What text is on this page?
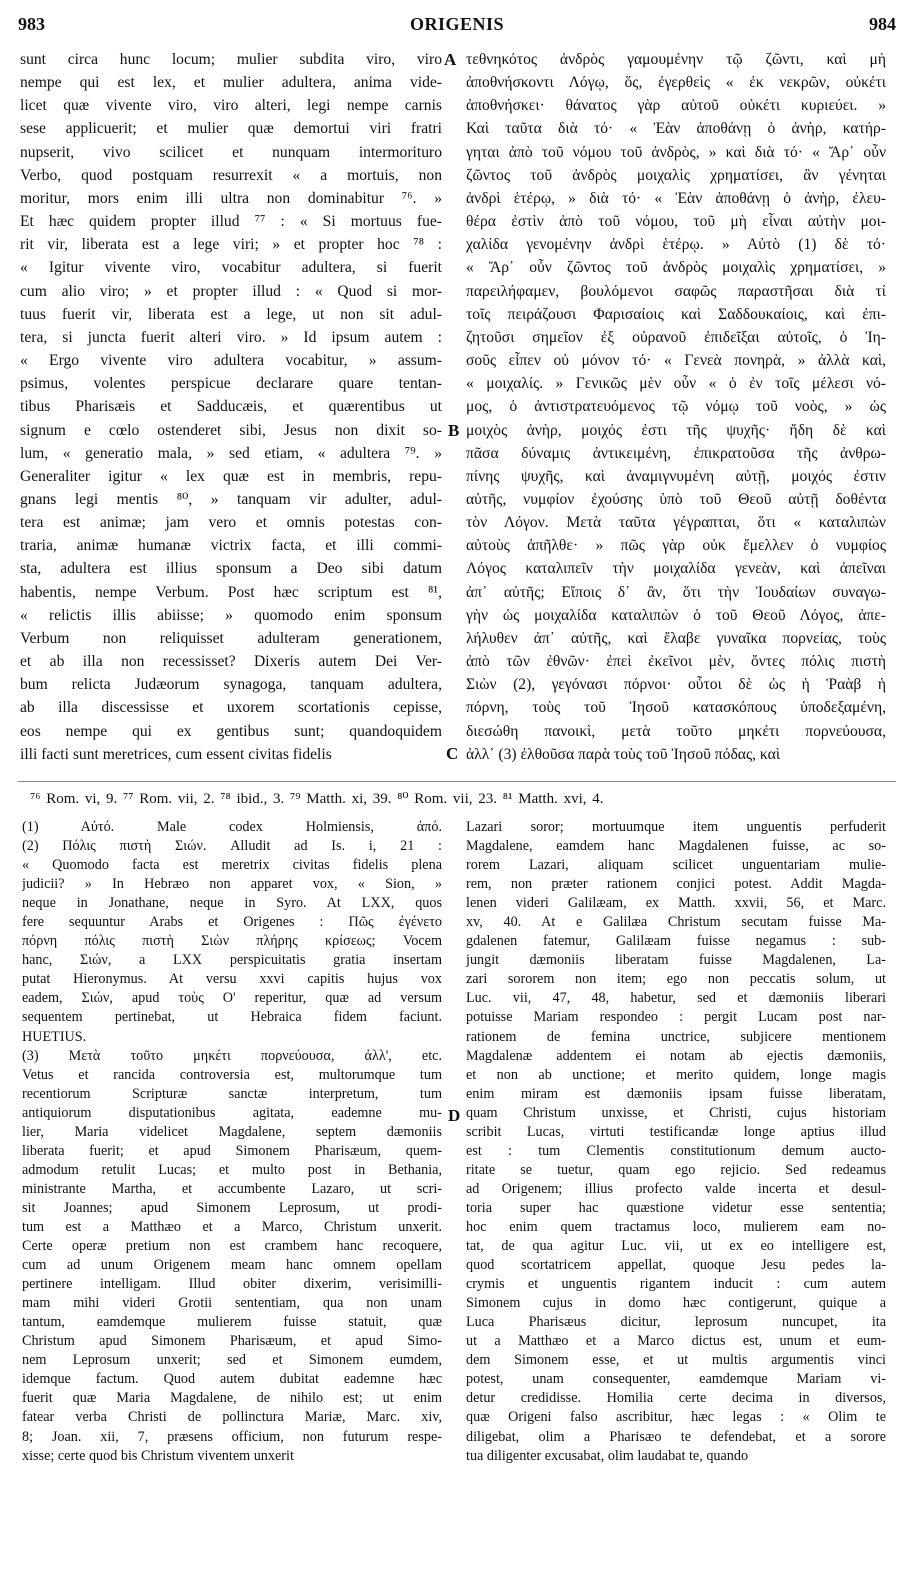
983	ORIGENIS	984
sunt circa hunc locum; mulier subdita viro, viro
nempe qui est lex, et mulier adultera, anima vide-
licet quæ vivente viro, viro alteri, legi nempe carnis
sese applicuerit; et mulier quæ demortui viri fratri
nupserit, vivo scilicet et nunquam intermoriturо
Verbo, quod postquam resurrexit « a mortuis, non
moritur, mors enim illi ultra non dominabitur ⁷⁶. »
Et hæc quidem propter illud ⁷⁷ : « Si mortuus fue-
rit vir, liberata est a lege viri; » et propter hoc ⁷⁸ :
« Igitur vivente viro, vocabitur adultera, si fuerit
cum alio viro; » et propter illud : « Quod si mor-
tuus fuerit vir, liberata est a lege, ut non sit adul-
tera, si juncta fuerit alteri viro. » Id ipsum autem :
« Ergo vivente viro adultera vocabitur, » assum-
psimus, volentes perspicue declarare quare tentan-
tibus Pharisæis et Sadducæis, et quærentibus ut
signum e cœlo ostenderet sibi, Jesus non dixit so-
lum, « generatio mala, » sed etiam, « adultera ⁷⁹. »
Generaliter igitur « lex quæ est in membris, repu-
gnans legi mentis ⁸⁰, » tanquam vir adulter, adul-
tera est animæ; jam vero et omnis potestas con-
traria, animæ humanæ victrix facta, et illi commi-
sta, adultera est illius sponsum a Deo sibi datum
habentis, nempe Verbum. Post hæc scriptum est ⁸¹,
« relictis illis abiisse; » quomodo enim sponsum
Verbum non reliquisset adulteram generationem,
et ab illa non recessisset? Dixeris autem Dei Ver-
bum relicta Judæorum synagoga, tanquam adultera,
ab illa discessisse et uxorem scortationis cepisse,
eos nempe qui ex gentibus sunt; quandoquidem
illi facti sunt meretrices, cum essent civitas fidelis
τεθνηκότος ἀνδρὸς γαμουμένην τῷ ζῶντι, καὶ μὴ
ἀποθνήσκοντι Λόγῳ, ὅς, ἐγερθεὶς « ἐκ νεκρῶν, οὐκέτι
ἀποθνήσκει· θάνατος γὰρ αὐτοῦ οὐκέτι κυριεύει. »
Καὶ ταῦτα διὰ τό· « Ἐὰν ἀποθάνῃ ὁ ἀνὴρ, κατήρ-
γηται ἀπὸ τοῦ νόμου τοῦ ἀνδρὸς, » καὶ διὰ τό· « Ἄρ᾽ οὖν
ζῶντος τοῦ ἀνδρὸς μοιχαλὶς χρηματίσει, ἂν γένηται
ἀνδρὶ ἑτέρῳ, » διὰ τό· « Ἐὰν ἀποθάνῃ ὁ ἀνὴρ, ἐλευ-
θέρα ἐστὶν ἀπὸ τοῦ νόμου, τοῦ μὴ εἶναι αὐτὴν μοι-
χαλίδα γενομένην ἀνδρὶ ἑτέρῳ. » Αὐτὸ (1) δὲ τό·
« Ἄρ᾽ οὖν ζῶντος τοῦ ἀνδρὸς μοιχαλὶς χρηματίσει, »
παρειλήφαμεν, βουλόμενοι σαφῶς παραστῆσαι διὰ τί
τοῖς πειράζουσι Φαρισαίοις καὶ Σαδδουκαίοις, καὶ ἐπι-
ζητοῦσι σημεῖον ἐξ οὐρανοῦ ἐπιδεῖξαι αὐτοῖς, ὁ Ἰη-
σοῦς εἶπεν οὐ μόνον τό· « Γενεὰ πονηρὰ, » ἀλλὰ καὶ,
« μοιχαλίς. » Γενικῶς μὲν οὖν « ὁ ἐν τοῖς μέλεσι νό-
μος, ὁ ἀντιστρατευόμενος τῷ νόμῳ τοῦ νοὸς, » ὡς
μοιχὸς ἀνὴρ, μοιχός ἐστι τῆς ψυχῆς· ἤδη δὲ καὶ
πᾶσα δύναμις ἀντικειμένη, ἐπικρατοῦσα τῆς ἀνθρω-
πίνης ψυχῆς, καὶ ἀναμιγνυμένη αὐτῇ, μοιχός ἐστιν
αὐτῆς, νυμφίον ἐχούσης ὑπὸ τοῦ Θεοῦ αὐτῇ δοθέντα
τὸν Λόγον. Μετὰ ταῦτα γέγραπται, ὅτι « καταλιπὼν
αὐτοὺς ἀπῆλθε· » πῶς γὰρ οὐκ ἔμελλεν ὁ νυμφίος
Λόγος καταλιπεῖν τὴν μοιχαλίδα γενεὰν, καὶ ἀπεῖναι
ἀπ᾽ αὐτῆς; Εἴποις δ᾽ ἂν, ὅτι τὴν Ἰουδαίων συναγω-
γὴν ὡς μοιχαλίδα καταλιπὼν ὁ τοῦ Θεοῦ Λόγος, ἀπε-
λήλυθεν ἀπ᾽ αὐτῆς, καὶ ἔλαβε γυναῖκα πορνείας, τοὺς
ἀπὸ τῶν ἐθνῶν· ἐπεὶ ἐκεῖνοι μὲν, ὄντες πόλις πιστὴ
Σιὼν (2), γεγόνασι πόρνοι· οὗτοι δὲ ὡς ἡ Ῥαὰβ ἡ
πόρνη, τοὺς τοῦ Ἰησοῦ κατασκόπους ὑποδεξαμένη,
διεσώθη πανοικὶ, μετὰ τοῦτο μηκέτι πορνεύουσα,
ἀλλ᾽ (3) ἐλθοῦσα παρὰ τοὺς τοῦ Ἰησοῦ πόδας, καὶ
A
B
C
D
⁷⁶ Rom. vi, 9. ⁷⁷ Rom. vii, 2. ⁷⁸ ibid., 3. ⁷⁹ Matth. xi, 39. ⁸⁰ Rom. vii, 23. ⁸¹ Matth. xvi, 4.
(1) Αὐτό. Male codex Holmiensis, ἀπό.
(2) Πόλις πιστὴ Σιών. Alludit ad Is. i, 21 :
« Quomodo facta est meretrix civitas fidelis plena
judicii? » In Hebræo non apparet vox, « Sion, »
neque in Jonathane, neque in Syro. At LXX, quos
fere sequuntur Arabs et Origenes : Πῶς ἐγένετο
πόρνη πόλις πιστὴ Σιὼν πλήρης κρίσεως; Vocem
hanc, Σιών, a LXX perspicuitatis gratia insertam
putat Hieronymus. At versu xxvi capitis hujus vox
eadem, Σιών, apud τοὺς Ο' reperitur, quæ ad versum
sequentem pertinebat, ut Hebraica fidem faciunt.
HUETIUS.
(3) Μετὰ τοῦτο μηκέτι πορνεύουσα, ἀλλ', etc.
Vetus et rancida controversia est, multorumque tum
recentiorum Scripturæ sanctæ interpretum, tum
antiquiorum disputationibus agitata, eademne mu-
lier, Maria videlicet Magdalene, septem dæmoniis
liberata fuerit; et apud Simonem Pharisæum, quem-
admodum retulit Lucas; et multo post in Bethania,
ministrante Martha, et accumbente Lazaro, ut scri-
sit Joannes; apud Simonem Leprosum, ut prodi-
tum est a Matthæo et a Marco, Christum unxerit.
Certe operæ pretium non est crambem hanc recoquere,
cum ad unum Origenem meam hanc omnem opellam
pertinere intelligam. Illud obiter dixerim, verisimilli-
mam mihi videri Grotii sententiam, qua non unam
tantum, eamdemque mulierem fuisse statuit, quæ
Christum apud Simonem Pharisæum, et apud Simo-
nem Leprosum unxerit; sed et Simonem eumdem,
idemque factum. Quod autem dubitat eademne hæc
fuerit quæ Maria Magdalene, de nihilo est; ut enim
fatear verba Christi de pollinctura Mariæ, Marc. xiv,
8; Joan. xii, 7, præsens officium, non futurum respe-
xisse; certe quod bis Christum viventem unxerit
Lazari soror; mortuumque item unguentis perfuderit
Magdalene, eamdem hanc Magdalenen fuisse, ac so-
rorem Lazari, aliquam scilicet unguentariam mulie-
rem, non præter rationem conjici potest. Addit Magda-
lenen videri Galilæam, ex Matth. xxvii, 56, et Marc.
xv, 40. At e Galilæa Christum secutam fuisse Ma-
gdalenen fatemur, Galilæam fuisse negamus : sub-
jungit dæmoniis liberatam fuisse Magdalenen, La-
zari sororem non item; ego non peccatis solum, ut
Luc. vii, 47, 48, habetur, sed et dæmoniis liberari
potuisse Mariam respondeo : pergit Lucam post nar-
rationem de femina unctrice, subjicere mentionem
Magdalenæ addentem ei notam ab ejectis dæmoniis,
et non ab unctione; et merito quidem, longe magis
enim miram est dæmoniis ipsam fuisse liberatam,
quam Christum unxisse, et Christi, cujus historiam
scribit Lucas, virtuti testificandæ longe aptius illud
est : tum Clementis constitutionum demum aucto-
ritate se tuetur, quam ego rejicio. Sed redeamus
ad Origenem; illius profecto valde incerta et desul-
toria super hac quæstione videtur esse sententia;
hoc enim quem tractamus loco, mulierem eam no-
tat, de qua agitur Luc. vii, ut ex eo intelligere est,
quod scortatricem appellat, quoque Jesu pedes la-
crymis et unguentis rigantem inducit : cum autem
Simonem cujus in domo hæc contigerunt, quique a
Luca Pharisæus dicitur, leprosum nuncupet, ita
ut a Matthæo et a Marco dictus est, unum et eum-
dem Simonem esse, et ut multis argumentis vinci
potest, unam consequenter, eamdemque Mariam vi-
detur credidisse. Homilia certe decima in diversos,
quæ Origeni falso ascribitur, hæc legas : « Olim te
diligebat, olim a Pharisæo te defendebat, et a sorore
tua diligenter excusabat, olim laudabat te, quando
